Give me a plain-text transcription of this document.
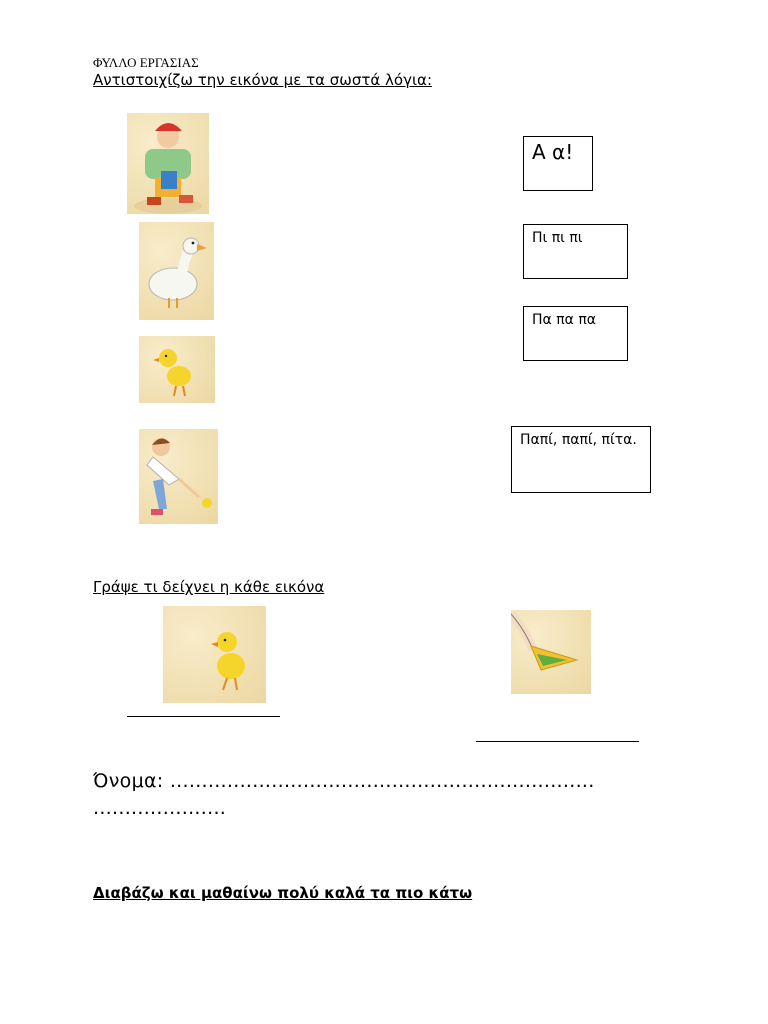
ΦΥΛΛΟ ΕΡΓΑΣΙΑΣ
Αντιστοιχίζω την εικόνα με τα σωστά λόγια:
Α α!
Πι πι πι
Πα πα πα
Παπί, παπί, πίτα.
Γράψε τι δείχνει η κάθε εικόνα
Όνομα: ...................................................................
.....................
Διαβάζω και μαθαίνω πολύ καλά τα πιο κάτω
